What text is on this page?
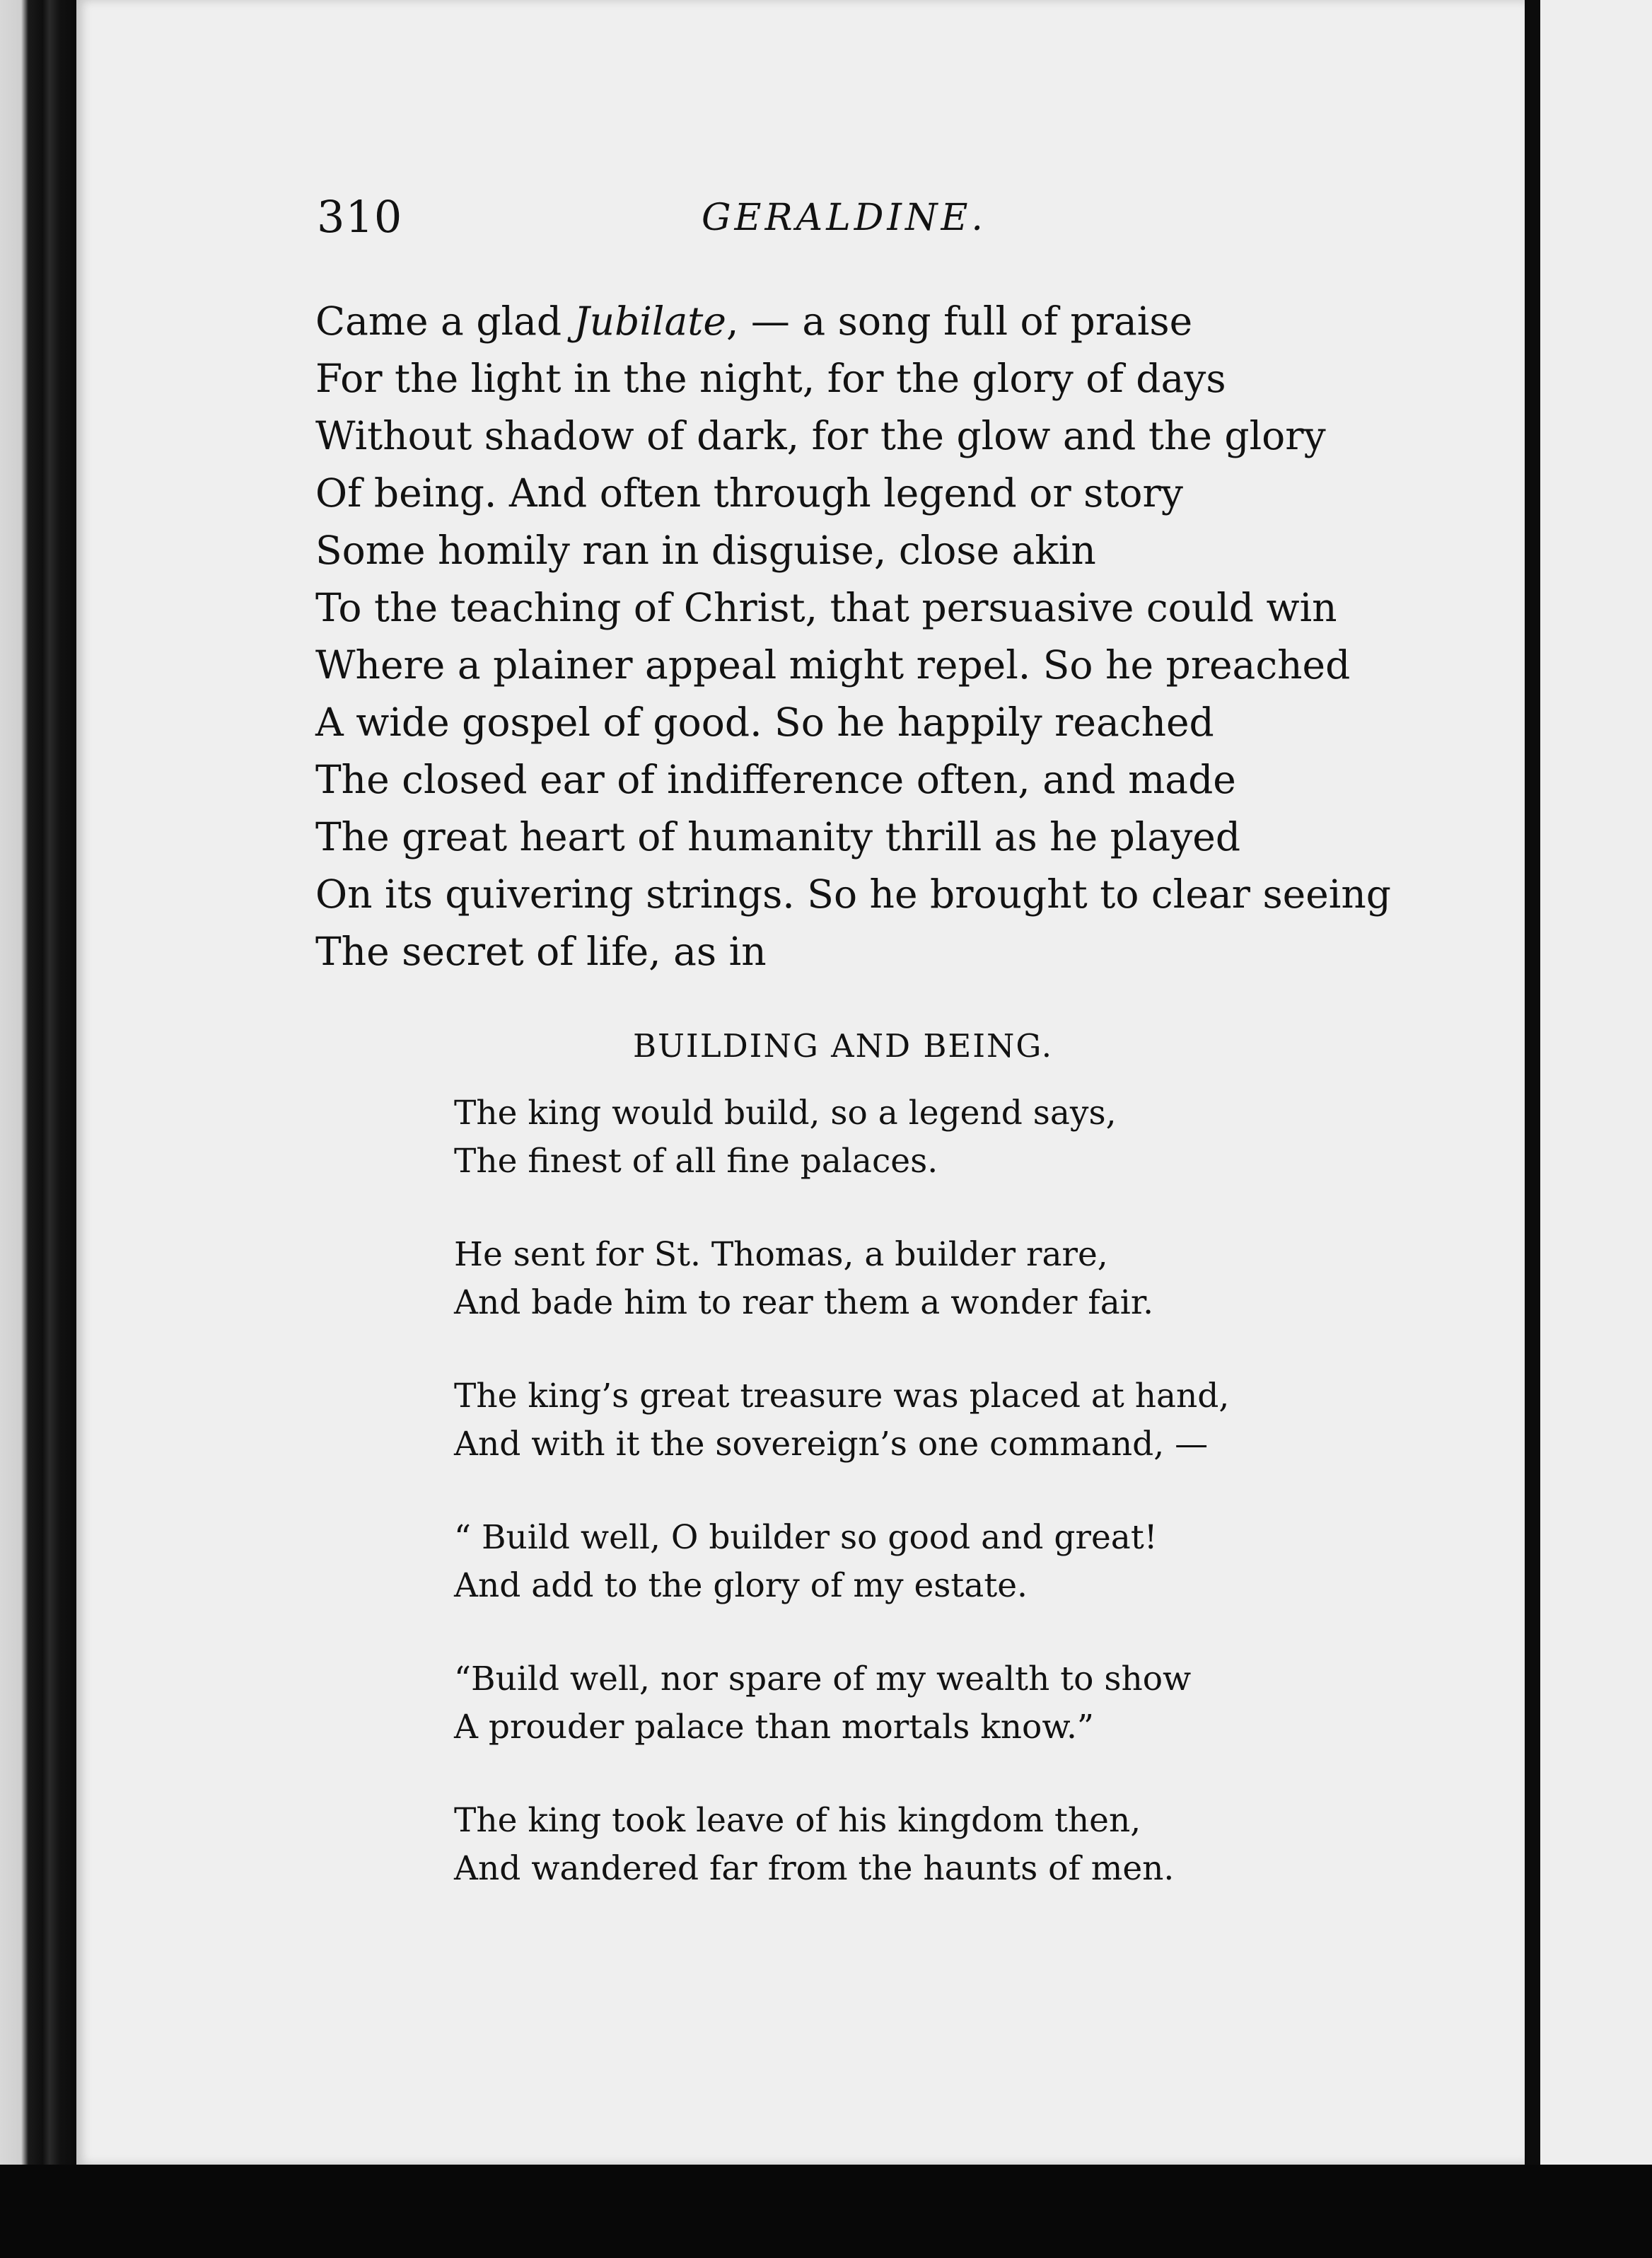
310	GERALDINE.
Came a glad Jubilate, — a song full of praise
For the light in the night, for the glory of days
Without shadow of dark, for the glow and the glory
Of being. And often through legend or story
Some homily ran in disguise, close akin
To the teaching of Christ, that persuasive could win
Where a plainer appeal might repel. So he preached
A wide gospel of good. So he happily reached
The closed ear of indifference often, and made
The great heart of humanity thrill as he played
On its quivering strings. So he brought to clear seeing
The secret of life, as in
BUILDING AND BEING.
The king would build, so a legend says,
The finest of all fine palaces.
He sent for St. Thomas, a builder rare,
And bade him to rear them a wonder fair.
The king’s great treasure was placed at hand,
And with it the sovereign’s one command, —
“ Build well, O builder so good and great!
And add to the glory of my estate.
“Build well, nor spare of my wealth to show
A prouder palace than mortals know.”
The king took leave of his kingdom then,
And wandered far from the haunts of men.
